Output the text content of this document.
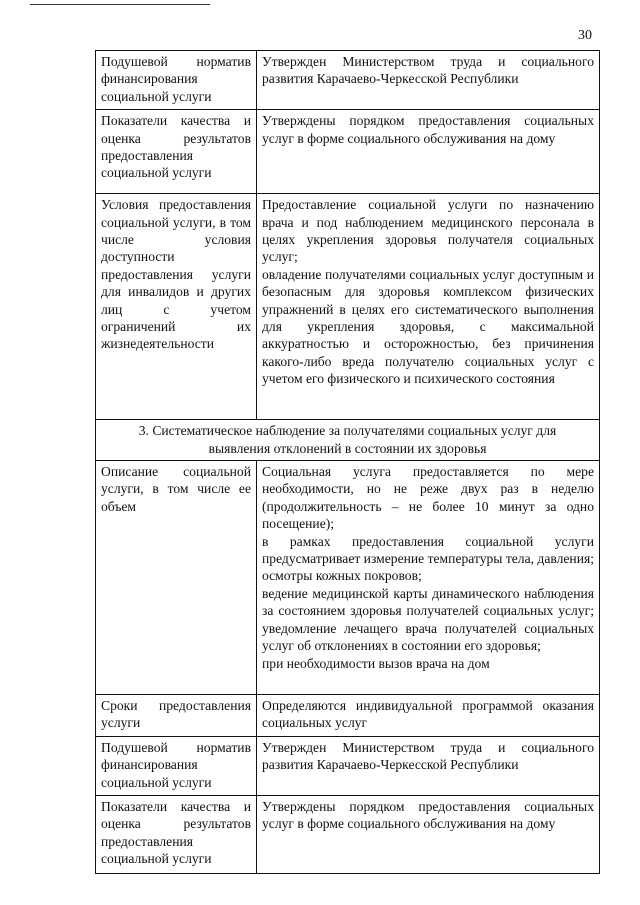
30
Подушевой норматив финансирования социальной услуги	Утвержден Министерством труда и социального развития Карачаево-Черкесской Республики

Показатели качества и оценка результатов предоставления социальной услуги	Утверждены порядком предоставления социальных услуг в форме социального обслуживания на дому

Условия предоставления социальной услуги, в том числе условия доступности предоставления услуги для инвалидов и других лиц с учетом ограничений их жизнедеятельности	Предоставление социальной услуги по назначению врача и под наблюдением медицинского персонала в целях укрепления здоровья получателя социальных услуг;
овладение получателями социальных услуг доступным и безопасным для здоровья комплексом физических упражнений в целях его систематического выполнения для укрепления здоровья, с максимальной аккуратностью и осторожностью, без причинения какого-либо вреда получателю социальных услуг с учетом его физического и психического состояния

3. Систематическое наблюдение за получателями социальных услуг для выявления отклонений в состоянии их здоровья	
Описание социальной услуги, в том числе ее объем	Социальная услуга предоставляется по мере необходимости, но не реже двух раз в неделю (продолжительность – не более 10 минут за одно посещение);
в рамках предоставления социальной услуги предусматривает измерение температуры тела, давления; осмотры кожных покровов;
ведение медицинской карты динамического наблюдения за состоянием здоровья получателей социальных услуг; уведомление лечащего врача получателей социальных услуг об отклонениях в состоянии его здоровья;
при необходимости вызов врача на дом

Сроки предоставления услуги	Определяются индивидуальной программой оказания социальных услуг

Подушевой норматив финансирования социальной услуги	Утвержден Министерством труда и социального развития Карачаево-Черкесской Республики

Показатели качества и оценка результатов предоставления социальной услуги	Утверждены порядком предоставления социальных услуг в форме социального обслуживания на дому
